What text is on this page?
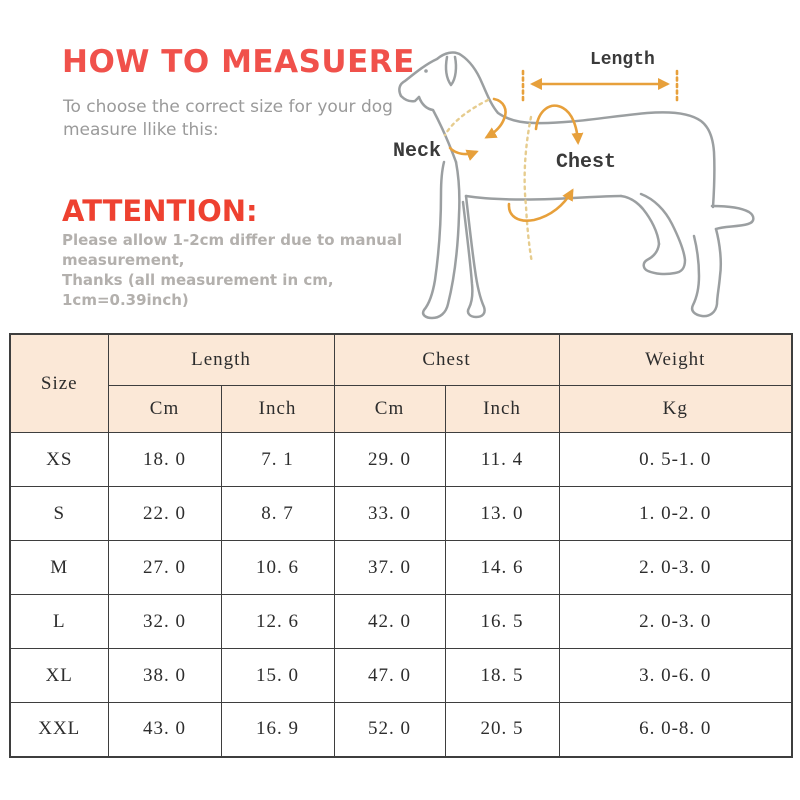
HOW TO MEASUERE
To choose the correct size for your dog
measure llike this:
ATTENTION:
Please allow 1-2cm differ due to manual measurement,
Thanks (all measurement in cm, 1cm=0.39inch)
Length
Neck	Chest
Size	Length		Chest		Weight
	Cm	Inch	Cm	Inch	Kg
XS	18. 0	7. 1	29. 0	11. 4	0. 5-1. 0
S	22. 0	8. 7	33. 0	13. 0	1. 0-2. 0
M	27. 0	10. 6	37. 0	14. 6	2. 0-3. 0
L	32. 0	12. 6	42. 0	16. 5	2. 0-3. 0
XL	38. 0	15. 0	47. 0	18. 5	3. 0-6. 0
XXL	43. 0	16. 9	52. 0	20. 5	6. 0-8. 0
